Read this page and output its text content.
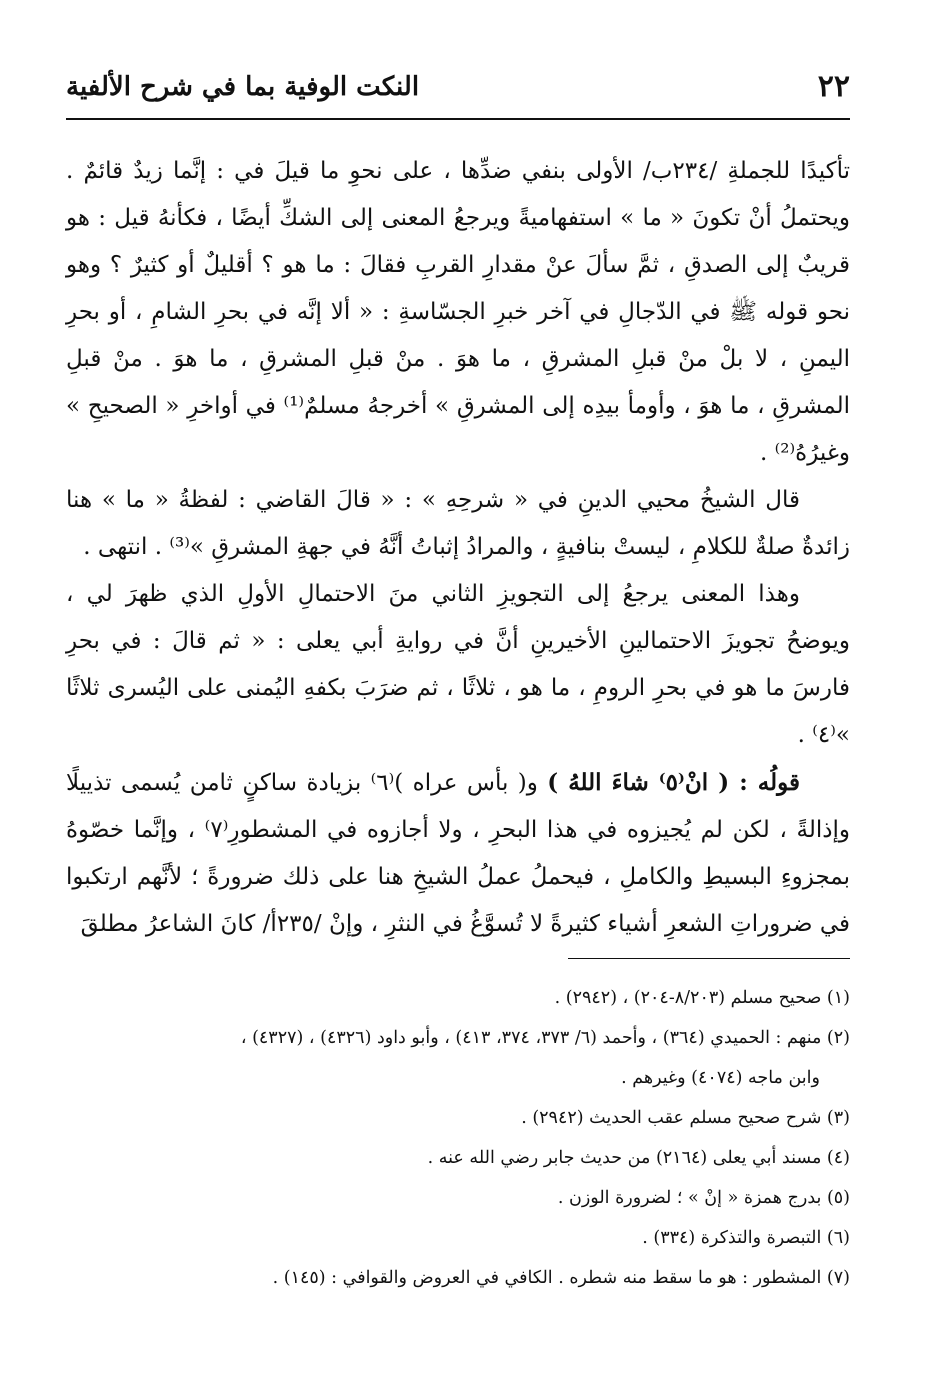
٢٢
النكت الوفية بما في شرح الألفية

تأكيدًا للجملةِ /٢٣٤ب/ الأولى بنفي ضدِّها ، على نحوِ ما قيلَ في : إنَّما زيدٌ قائمٌ . ويحتملُ أنْ تكونَ « ما » استفهاميةً ويرجعُ المعنى إلى الشكِّ أيضًا ، فكأنهُ قيل : هو قريبٌ إلى الصدقِ ، ثمَّ سألَ عنْ مقدارِ القربِ فقالَ : ما هو ؟ أقليلٌ أو كثيرٌ ؟ وهو نحو قوله ﷺ في الدّجالِ في آخر خبرِ الجسّاسةِ : « ألا إنَّه في بحرِ الشامِ ، أو بحرِ اليمنِ ، لا بلْ منْ قبلِ المشرقِ ، ما هوَ . منْ قبلِ المشرقِ ، ما هوَ . منْ قبلِ المشرقِ ، ما هوَ ، وأومأ بيدِه إلى المشرقِ » أخرجهُ مسلمٌ⁽¹⁾ في أواخرِ « الصحيحِ » وغيرُهُ⁽²⁾ .

قال الشيخُ محيي الدينِ في « شرحِهِ » : « قالَ القاضي : لفظةُ « ما » هنا زائدةٌ صلةٌ للكلامِ ، ليستْ بنافيةٍ ، والمرادُ إثباتُ أنَّهُ في جهةِ المشرقِ »⁽³⁾ . انتهى .

وهذا المعنى يرجعُ إلى التجويزِ الثاني منَ الاحتمالِ الأولِ الذي ظهرَ لي ، ويوضحُ تجويزَ الاحتمالينِ الأخيرينِ أنَّ في روايةِ أبي يعلى : « ثم قالَ : في بحرِ فارسَ ما هو في بحرِ الرومِ ، ما هو ، ثلاثًا ، ثم ضرَبَ بكفهِ اليُمنى على اليُسرى ثلاثًا »⁽٤⁾ .

قولُه : ( انْ⁽٥⁾ شاءَ اللهُ ) و( بأس عراه )⁽٦⁾ بزيادة ساكنٍ ثامن يُسمى تذييلًا وإذالةً ، لكن لم يُجيزوه في هذا البحرِ ، ولا أجازوه في المشطورِ⁽٧⁾ ، وإنَّما خصّوهُ بمجزوءِ البسيطِ والكاملِ ، فيحملُ عملُ الشيخِ هنا على ذلك ضرورةً ؛ لأنَّهم ارتكبوا في ضروراتِ الشعرِ أشياء كثيرةً لا تُسوَّغُ في النثرِ ، وإنْ /٢٣٥أ/ كانَ الشاعرُ مطلقَ

(١) صحيح مسلم (٨/٢٠٣-٢٠٤) ، (٢٩٤٢) .

(٢) منهم : الحميدي (٣٦٤) ، وأحمد (٦/ ٣٧٣، ٣٧٤، ٤١٣) ، وأبو داود (٤٣٢٦) ، (٤٣٢٧) ،

وابن ماجه (٤٠٧٤) وغيرهم .

(٣) شرح صحيح مسلم عقب الحديث (٢٩٤٢) .

(٤) مسند أبي يعلى (٢١٦٤) من حديث جابر رضي الله عنه .

(٥) بدرج همزة « إنْ » ؛ لضرورة الوزن .

(٦) التبصرة والتذكرة (٣٣٤) .

(٧) المشطور : هو ما سقط منه شطره . الكافي في العروض والقوافي : (١٤٥) .
